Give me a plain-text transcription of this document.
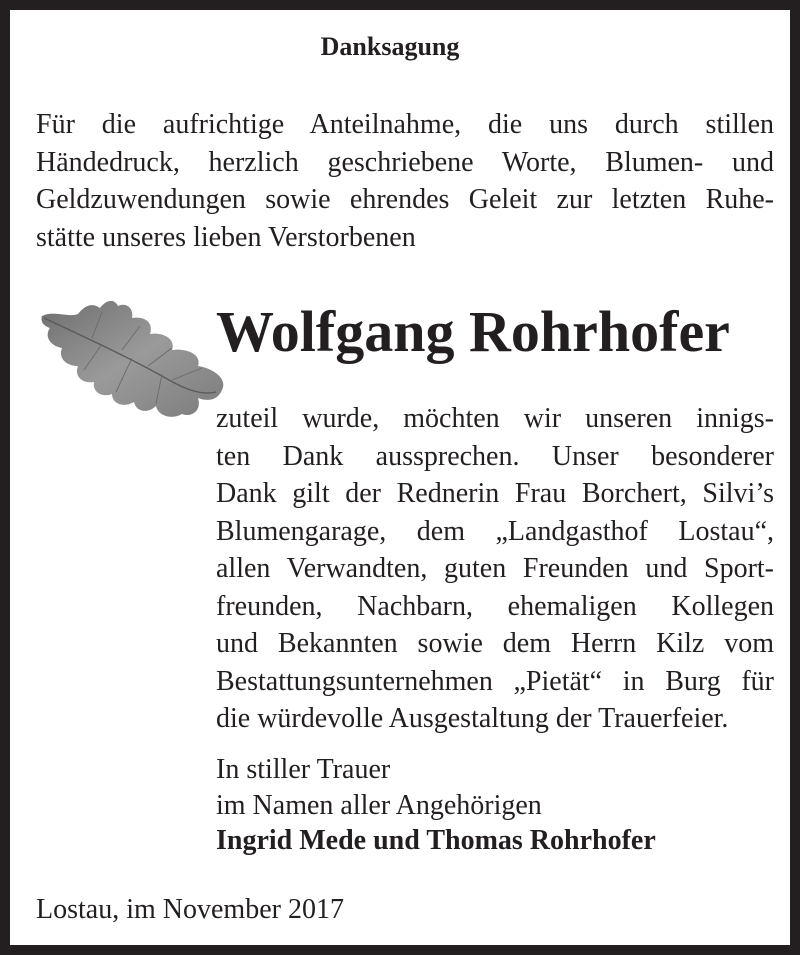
Danksagung
Für die aufrichtige Anteilnahme, die uns durch stillen
Händedruck, herzlich geschriebene Worte, Blumen- und
Geldzuwendungen sowie ehrendes Geleit zur letzten Ruhe-
stätte unseres lieben Verstorbenen
Wolfgang Rohrhofer
zuteil wurde, möchten wir unseren innigs-
ten Dank aussprechen. Unser besonderer
Dank gilt der Rednerin Frau Borchert, Silvi’s
Blumengarage, dem „Landgasthof Lostau“,
allen Verwandten, guten Freunden und Sport-
freunden, Nachbarn, ehemaligen Kollegen
und Bekannten sowie dem Herrn Kilz vom
Bestattungsunternehmen „Pietät“ in Burg für
die würdevolle Ausgestaltung der Trauerfeier.
In stiller Trauer
im Namen aller Angehörigen
Ingrid Mede und Thomas Rohrhofer
Lostau, im November 2017
